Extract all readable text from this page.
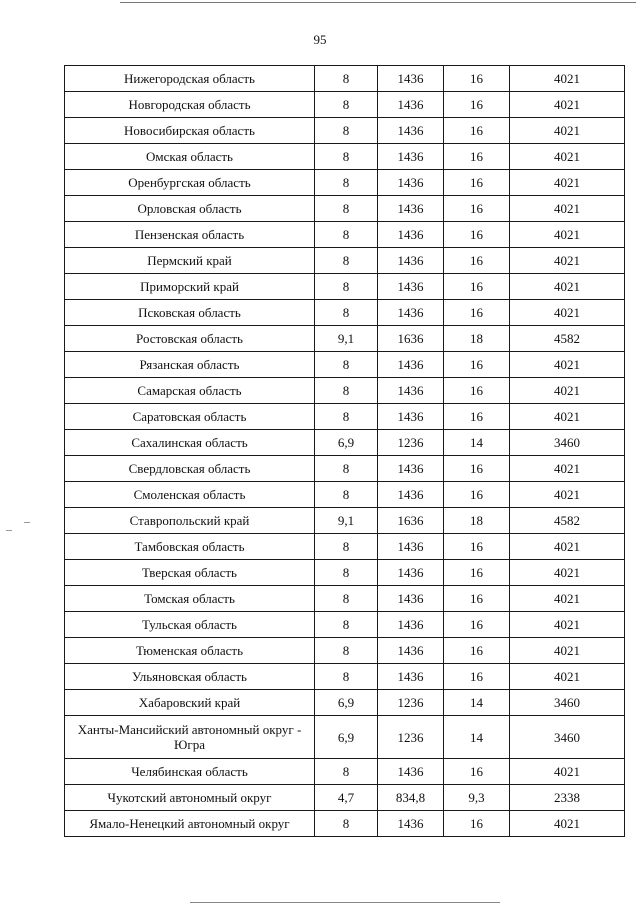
95
Нижегородская область	8	1436	16	4021
Новгородская область	8	1436	16	4021
Новосибирская область	8	1436	16	4021
Омская область	8	1436	16	4021
Оренбургская область	8	1436	16	4021
Орловская область	8	1436	16	4021
Пензенская область	8	1436	16	4021
Пермский край	8	1436	16	4021
Приморский край	8	1436	16	4021
Псковская область	8	1436	16	4021
Ростовская область	9,1	1636	18	4582
Рязанская область	8	1436	16	4021
Самарская область	8	1436	16	4021
Саратовская область	8	1436	16	4021
Сахалинская область	6,9	1236	14	3460
Свердловская область	8	1436	16	4021
Смоленская область	8	1436	16	4021
Ставропольский край	9,1	1636	18	4582
Тамбовская область	8	1436	16	4021
Тверская область	8	1436	16	4021
Томская область	8	1436	16	4021
Тульская область	8	1436	16	4021
Тюменская область	8	1436	16	4021
Ульяновская область	8	1436	16	4021
Хабаровский край	6,9	1236	14	3460
Ханты-Мансийский автономный округ - Югра	6,9	1236	14	3460
Челябинская область	8	1436	16	4021
Чукотский автономный округ	4,7	834,8	9,3	2338
Ямало-Ненецкий автономный округ	8	1436	16	4021
